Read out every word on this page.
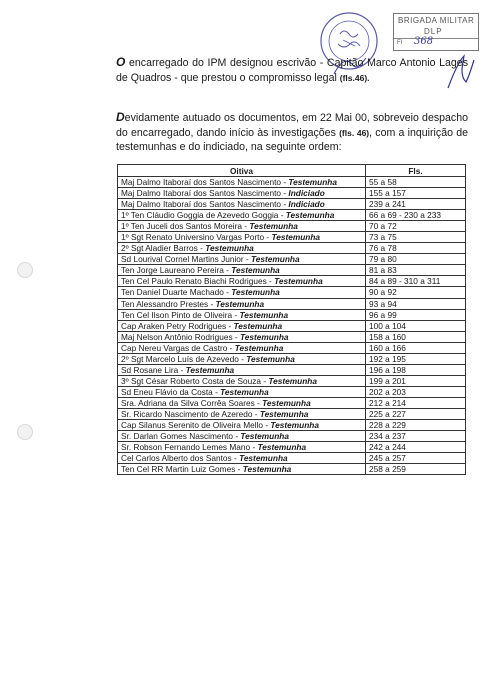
BRIGADA MILITAR
DLP
Fl 368

O encarregado do IPM designou escrivão - Capitão Marco Antonio Lages de Quadros - que prestou o compromisso legal (fls.46).

Devidamente autuado os documentos, em 22 Mai 00, sobreveio despacho do encarregado, dando início às investigações (fls. 46), com a inquirição de testemunhas e do indiciado, na seguinte ordem:

Oitiva	Fls.
Maj Dalmo Itaboraí dos Santos Nascimento - Testemunha	55 a 58
Maj Dalmo Itaboraí dos Santos Nascimento - Indiciado	155 a 157
Maj Dalmo Itaboraí dos Santos Nascimento - Indiciado	239 a 241
1º Ten Cláudio Goggia de Azevedo Goggia - Testemunha	66 a 69 - 230 a 233
1º Ten Juceli dos Santos Moreira - Testemunha	70 a 72
1º Sgt Renato Universino Vargas Porto - Testemunha	73 a 75
2º Sgt Aladier Barros - Testemunha	76 a 78
Sd Lourival Cornel Martins Junior - Testemunha	79 a 80
Ten Jorge Laureano Pereira - Testemunha	81 a 83
Ten Cel Paulo Renato Biachi Rodrigues - Testemunha	84 a 89 - 310 a 311
Ten Daniel Duarte Machado - Testemunha	90 a 92
Ten Alessandro Prestes - Testemunha	93 a 94
Ten Cel Ilson Pinto de Oliveira - Testemunha	96 a 99
Cap Araken Petry Rodrigues - Testemunha	100 a 104
Maj Nelson Antônio Rodrigues - Testemunha	158 a 160
Cap Nereu Vargas de Castro - Testemunha	160 a 166
2º Sgt Marcelo Luís de Azevedo - Testemunha	192 a 195
Sd Rosane Lira - Testemunha	196 a 198
3º Sgt César Roberto Costa de Souza - Testemunha	199 a 201
Sd Eneu Flávio da Costa - Testemunha	202 a 203
Sra. Adriana da Silva Corrêa Soares - Testemunha	212 a 214
Sr. Ricardo Nascimento de Azeredo - Testemunha	225 a 227
Cap Silanus Serenito de Oliveira Mello - Testemunha	228 a 229
Sr. Darlan Gomes Nascimento - Testemunha	234 a 237
Sr. Robson Fernando Lemes Mano - Testemunha	242 a 244
Cel Carlos Alberto dos Santos - Testemunha	245 a 257
Ten Cel RR Martin Luiz Gomes - Testemunha	258 a 259
